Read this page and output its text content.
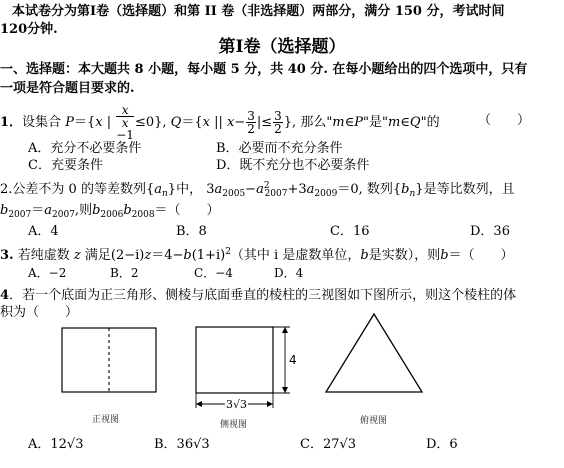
本试卷分为第Ⅰ卷（选择题）和第 II 卷（非选择题）两部分，满分 150 分，考试时间
120分钟.
第Ⅰ卷（选择题）
一、选择题：本大题共 8 小题，每小题 5 分，共 40 分. 在每小题给出的四个选项中，只有
一项是符合题目要求的.
1．设集合 P＝{x | x
x
−1 ≤0}, Q＝{x || $x- \frac{3}{2}$ |≤ $\frac{3}{2}$ }, 那么"m∈P"是"m∈Q"的	（　　）
A．充分不必要条件	B．必要而不充分条件
C．充要条件	D．既不充分也不必要条件
2.公差不为 0 的等差数列$\{a_n\}$中， $3a_{2005}-a^2_{2007}+3a_{2009}=0$, 数列$\{b_n\}$是等比数列，且
$b_{2007}=a_{2007}$,则$b_{2006}b_{2008}=$（　　）
A．4	B．8	C．16	D．36
3. 若纯虚数 z 满足$(2-i)z=4-b(1+i)^2$（其中 i 是虚数单位，b是实数），则b＝（　　）
A．−2	B．2	C．−4	D．4
4．若一个底面为正三角形、侧棱与底面垂直的棱柱的三视图如下图所示，则这个棱柱的体
积为（　　）
4
3√3
正视图	侧视图	俯视图
A．12√3	B．36√3	C．27√3	D．6
